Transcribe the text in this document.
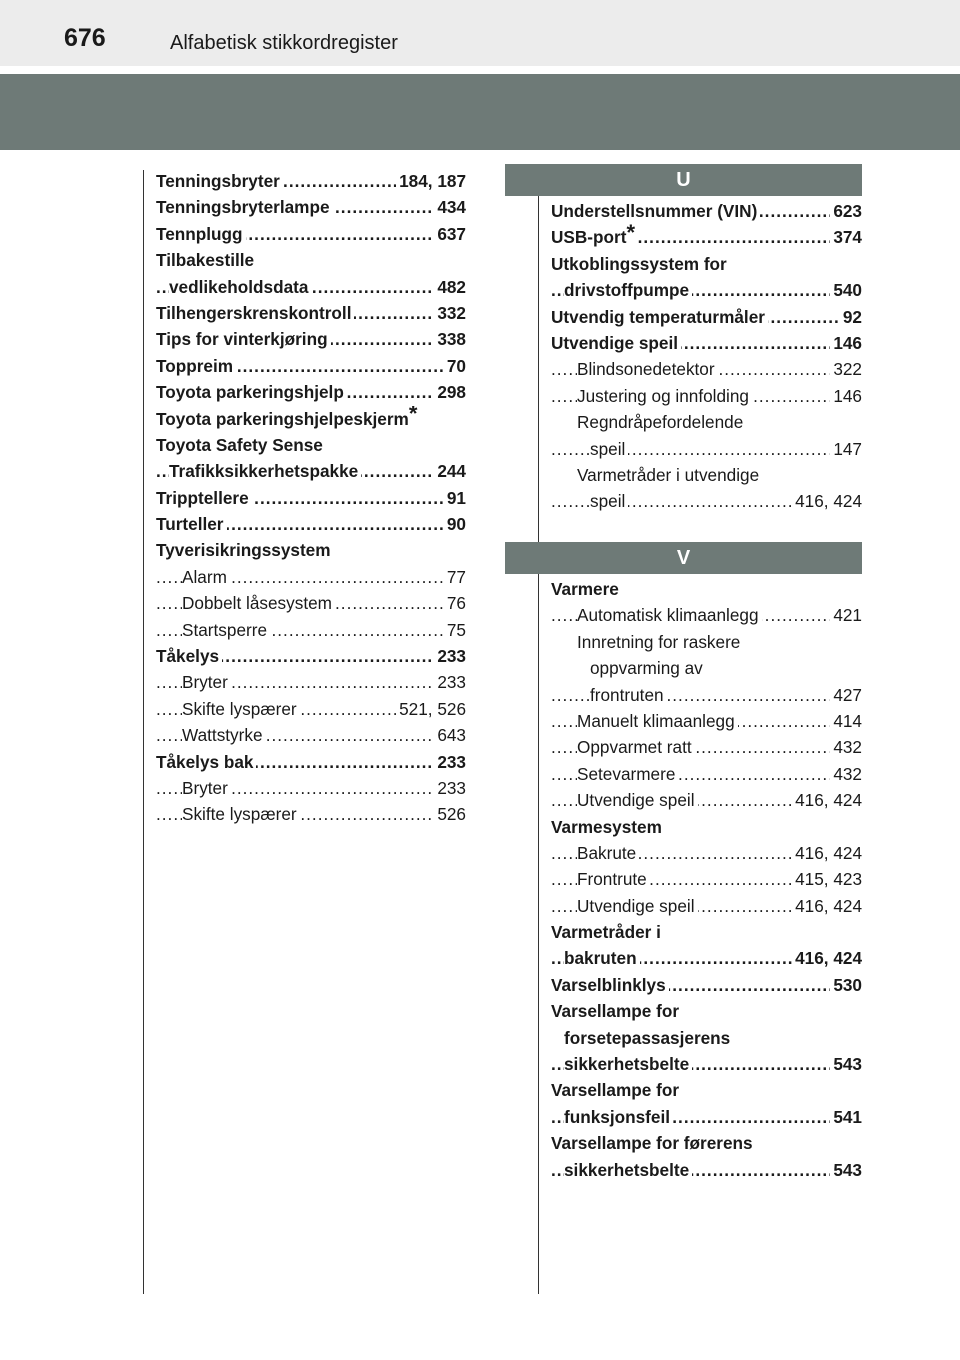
676	Alfabetisk stikkordregister
..... Tenningsbryter	184, 187
..... Tenningsbryterlampe	434
..... Tennplugg	637
Tilbakestille
..... vedlikeholdsdata	482
..... Tilhengerskrenskontroll	332
..... Tips for vinterkjøring	338
..... Toppreim	70
..... Toyota parkeringshjelp	298
Toyota parkeringshjelpeskjerm*
Toyota Safety Sense
..... Trafikksikkerhetspakke	244
..... Tripptellere	91
..... Turteller	90
Tyverisikringssystem
..... Alarm	77
..... Dobbelt låsesystem	76
..... Startsperre	75
..... Tåkelys	233
..... Bryter	233
..... Skifte lyspærer	521, 526
..... Wattstyrke	643
..... Tåkelys bak	233
..... Bryter	233
..... Skifte lyspærer	526
U
..... Understellsnummer (VIN)	623
..... USB-port*	374
Utkoblingssystem for
..... drivstoffpumpe	540
..... Utvendig temperaturmåler	92
..... Utvendige speil	146
..... Blindsonedetektor	322
..... Justering og innfolding	146
Regndråpefordelende
..... speil	147
Varmetråder i utvendige
..... speil	416, 424
V
Varmere
..... Automatisk klimaanlegg	421
Innretning for raskere
oppvarming av
..... frontruten	427
..... Manuelt klimaanlegg	414
..... Oppvarmet ratt	432
..... Setevarmere	432
..... Utvendige speil	416, 424
Varmesystem
..... Bakrute	416, 424
..... Frontrute	415, 423
..... Utvendige speil	416, 424
Varmetråder i
..... bakruten	416, 424
..... Varselblinklys	530
Varsellampe for
forsetepassasjerens
..... sikkerhetsbelte	543
Varsellampe for
..... funksjonsfeil	541
Varsellampe for førerens
..... sikkerhetsbelte	543
